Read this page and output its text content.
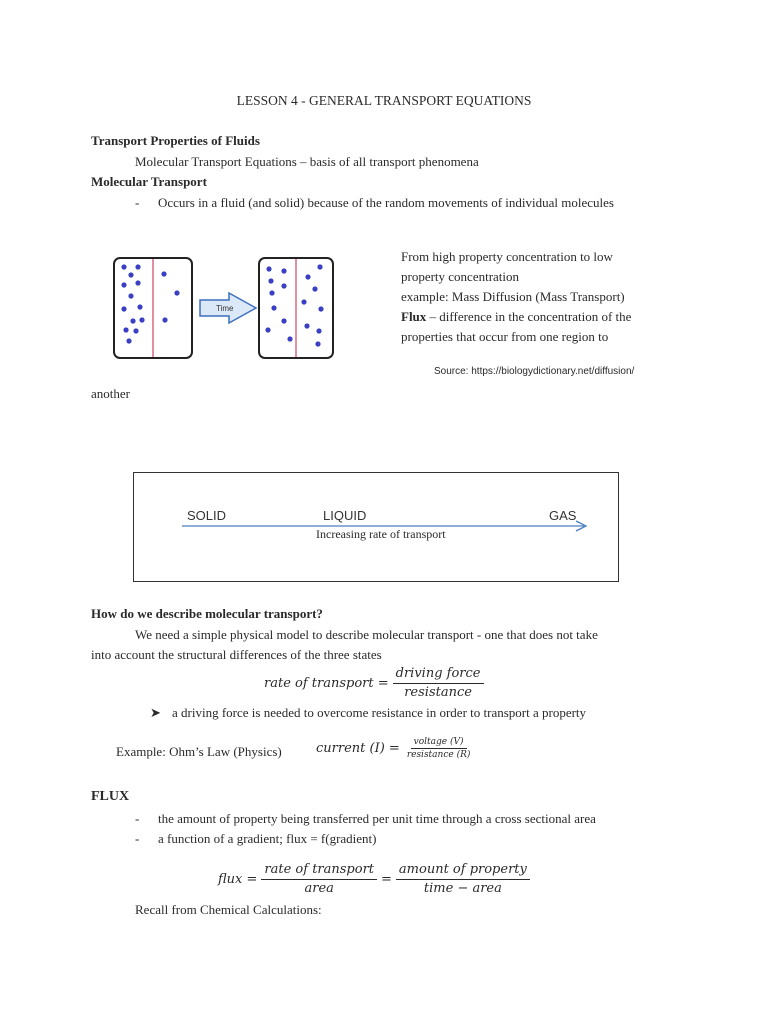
LESSON 4 - GENERAL TRANSPORT EQUATIONS
Transport Properties of Fluids
Molecular Transport Equations – basis of all transport phenomena
Molecular Transport
- Occurs in a fluid (and solid) because of the random movements of individual molecules
Time
From high property concentration to low
property concentration
example: Mass Diffusion (Mass Transport)
Flux – difference in the concentration of the
properties that occur from one region to
Source: https://biologydictionary.net/diffusion/
another
SOLID	LIQUID	GAS
Increasing rate of transport
How do we describe molecular transport?
We need a simple physical model to describe molecular transport - one that does not take
into account the structural differences of the three states
rate of transport = $\frac{\text{driving force}}{\text{resistance}}$
➤ a driving force is needed to overcome resistance in order to transport a property
Example: Ohm’s Law (Physics)	current $(I) = \frac{\text{voltage (V)}}{\text{resistance (R)}}$
FLUX
- the amount of property being transferred per unit time through a cross sectional area
- a function of a gradient; flux = f(gradient)
flux = $\frac{\text{rate of transport}}{\text{area}} = \frac{\text{amount of property}}{\text{time − area}}$
Recall from Chemical Calculations:
